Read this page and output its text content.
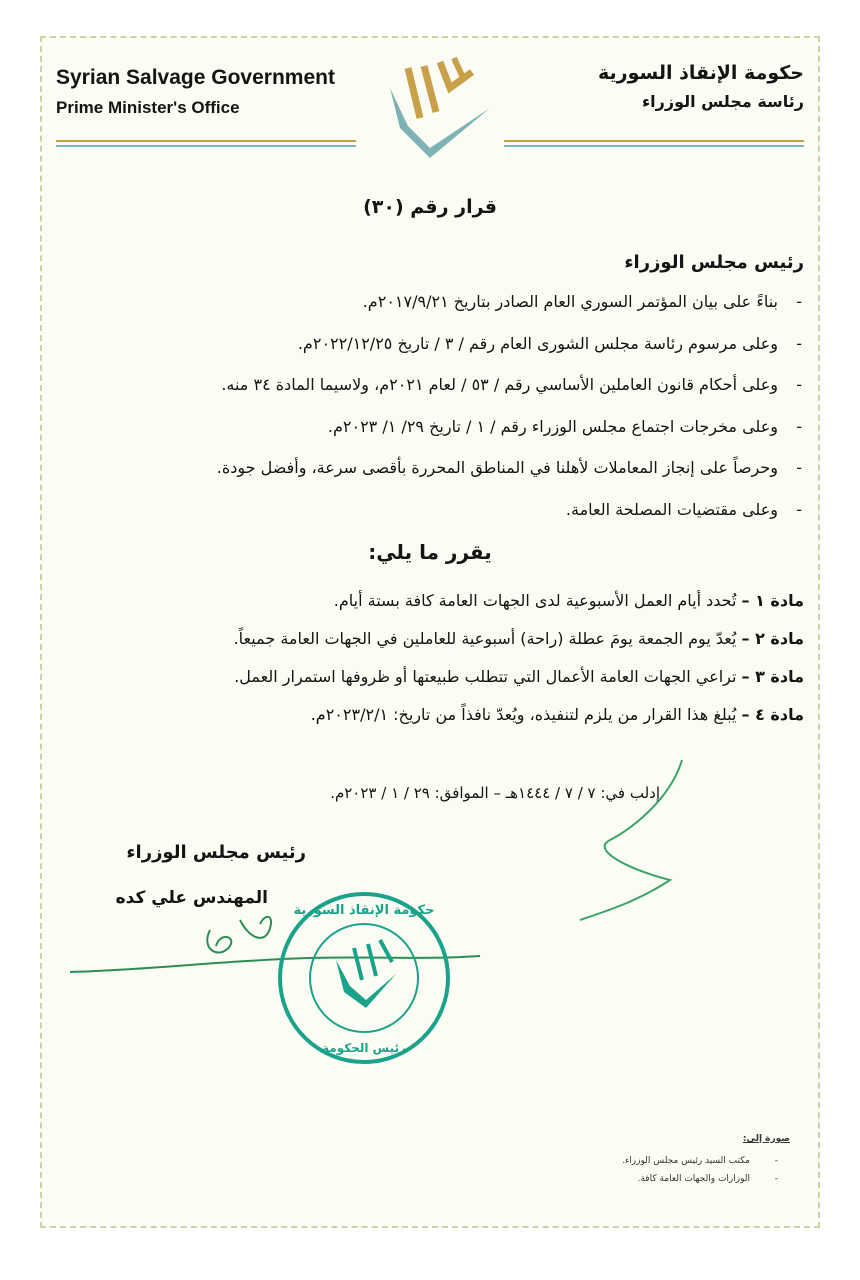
Syrian Salvage Government
Prime Minister's Office
حكومة الإنقاذ السورية
رئاسة مجلس الوزراء
قرار رقم (٣٠)
رئيس مجلس الوزراء
- بناءً على بيان المؤتمر السوري العام الصادر بتاريخ ٢٠١٧/٩/٢١م.
- وعلى مرسوم رئاسة مجلس الشورى العام رقم / ٣ / تاريخ ٢٠٢٢/١٢/٢٥م.
- وعلى أحكام قانون العاملين الأساسي رقم / ٥٣ / لعام ٢٠٢١م، ولاسيما المادة ٣٤ منه.
- وعلى مخرجات اجتماع مجلس الوزراء رقم / ١ / تاريخ ٢٩/ ١/ ٢٠٢٣م.
- وحرصاً على إنجاز المعاملات لأهلنا في المناطق المحررة بأقصى سرعة، وأفضل جودة.
- وعلى مقتضيات المصلحة العامة.
يقرر ما يلي:
مادة ١ – تُحدد أيام العمل الأسبوعية لدى الجهات العامة كافة بستة أيام.
مادة ٢ – يُعدّ يوم الجمعة يومَ عطلة (راحة) أسبوعية للعاملين في الجهات العامة جميعاً.
مادة ٣ – تراعي الجهات العامة الأعمال التي تتطلب طبيعتها أو ظروفها استمرار العمل.
مادة ٤ – يُبلغ هذا القرار من يلزم لتنفيذه، ويُعدّ نافذاً من تاريخ: ٢٠٢٣/٢/١م.
إدلب في: ٧ / ٧ / ١٤٤٤هـ – الموافق: ٢٩ / ١ / ٢٠٢٣م.
رئيس مجلس الوزراء
المهندس علي كده
حكومة الإنقاذ السورية
رئيس الحكومة
صورة إلى:
- مكتب السيد رئيس مجلس الوزراء.
- الوزارات والجهات العامة كافة.
